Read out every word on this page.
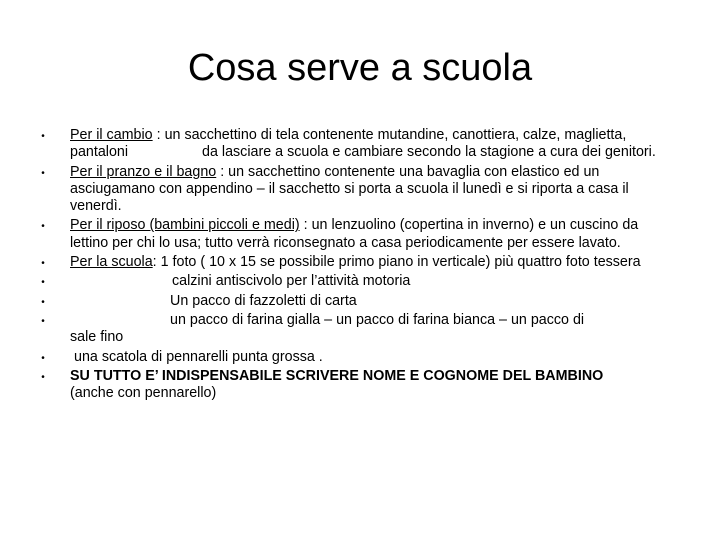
Cosa serve a scuola
•	Per il cambio : un sacchettino di tela contenente mutandine, canottiera, calze, maglietta, pantaloni	da lasciare a scuola e cambiare secondo la stagione a cura dei genitori.
•	Per il pranzo e il bagno : un sacchettino contenente una bavaglia con elastico ed un asciugamano con appendino – il sacchetto si porta a scuola il lunedì e si riporta a casa il venerdì.
•	Per il riposo (bambini piccoli e medi) : un lenzuolino (copertina in inverno) e un cuscino da lettino per chi lo usa; tutto verrà riconsegnato a casa periodicamente per essere lavato.
•	Per la scuola: 1 foto ( 10 x 15 se possibile primo piano in verticale) più quattro foto tessera
•	calzini antiscivolo per l’attività motoria
•	Un pacco di fazzoletti di carta
•	un pacco di farina gialla – un pacco di farina bianca – un pacco di
sale fino
•	una scatola di pennarelli punta grossa .
•	SU TUTTO E’ INDISPENSABILE SCRIVERE NOME E COGNOME DEL BAMBINO
(anche con pennarello)
